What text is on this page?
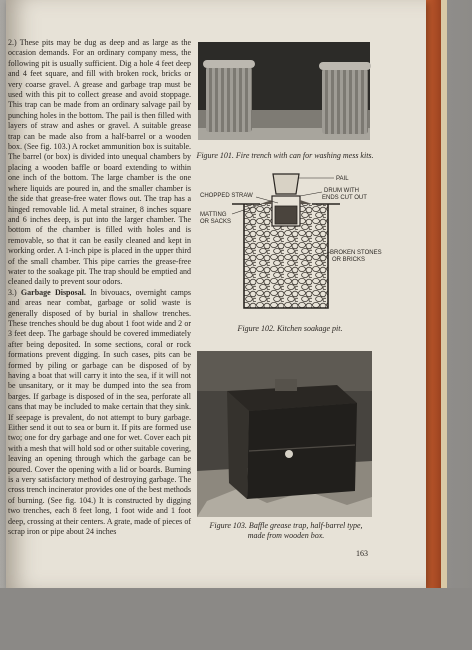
2.) These pits may be dug as deep and as large as the occasion demands. For an ordinary company mess, the following pit is usually sufficient. Dig a hole 4 feet deep and 4 feet square, and fill with broken rock, bricks or very coarse gravel. A grease and garbage trap must be used with this pit to collect grease and avoid stoppage. This trap can be made from an ordinary salvage pail by punching holes in the bottom. The pail is then filled with layers of straw and ashes or gravel. A suitable grease trap can be made also from a half-barrel or a wooden box. (See fig. 103.) A rocket ammunition box is suitable. The barrel (or box) is divided into unequal chambers by placing a wooden baffle or board extending to within one inch of the bottom. The large chamber is the one where liquids are poured in, and the smaller chamber is the side that grease-free water flows out. The trap has a hinged removable lid. A metal strainer, 8 inches square and 6 inches deep, is put into the larger chamber. The bottom of the chamber is filled with holes and is removable, so that it can be easily cleaned and kept in working order. A 1-inch pipe is placed in the upper third of the small chamber. This pipe carries the grease-free water to the soakage pit. The trap should be emptied and cleaned daily to prevent sour odors.

3.) Garbage Disposal. In bivouacs, overnight camps and areas near combat, garbage or solid waste is generally disposed of by burial in shallow trenches. These trenches should be dug about 1 foot wide and 2 or 3 feet deep. The garbage should be covered immediately after being deposited. In some sections, coral or rock formations prevent digging. In such cases, pits can be formed by piling or garbage can be disposed of by having a boat that will carry it into the sea, if it will not be unsanitary, or it may be dumped into the sea from barges. If garbage is disposed of in the sea, perforate all cans that may be included to make certain that they sink. If seepage is prevalent, do not attempt to bury garbage. Either send it out to sea or burn it. If pits are formed use two; one for dry garbage and one for wet. Cover each pit with a mesh that will hold sod or other suitable covering, leaving an opening through which the garbage can be poured. Cover the opening with a lid or boards. Burning is a very satisfactory method of destroying garbage. The cross trench incinerator provides one of the best methods of burning. (See fig. 104.) It is constructed by digging two trenches, each 8 feet long, 1 foot wide and 1 foot deep, crossing at their centers. A grate, made of pieces of scrap iron or pipe about 24 inches

Figure 101. Fire trench with can for washing mess kits.
PAIL
CHOPPED STRAW
DRUM WITH
ENDS CUT OUT
MATTING
OR SACKS
BROKEN STONES
OR BRICKS
Figure 102. Kitchen soakage pit.
Figure 103. Baffle grease trap, half-barrel type,
made from wooden box.
163
